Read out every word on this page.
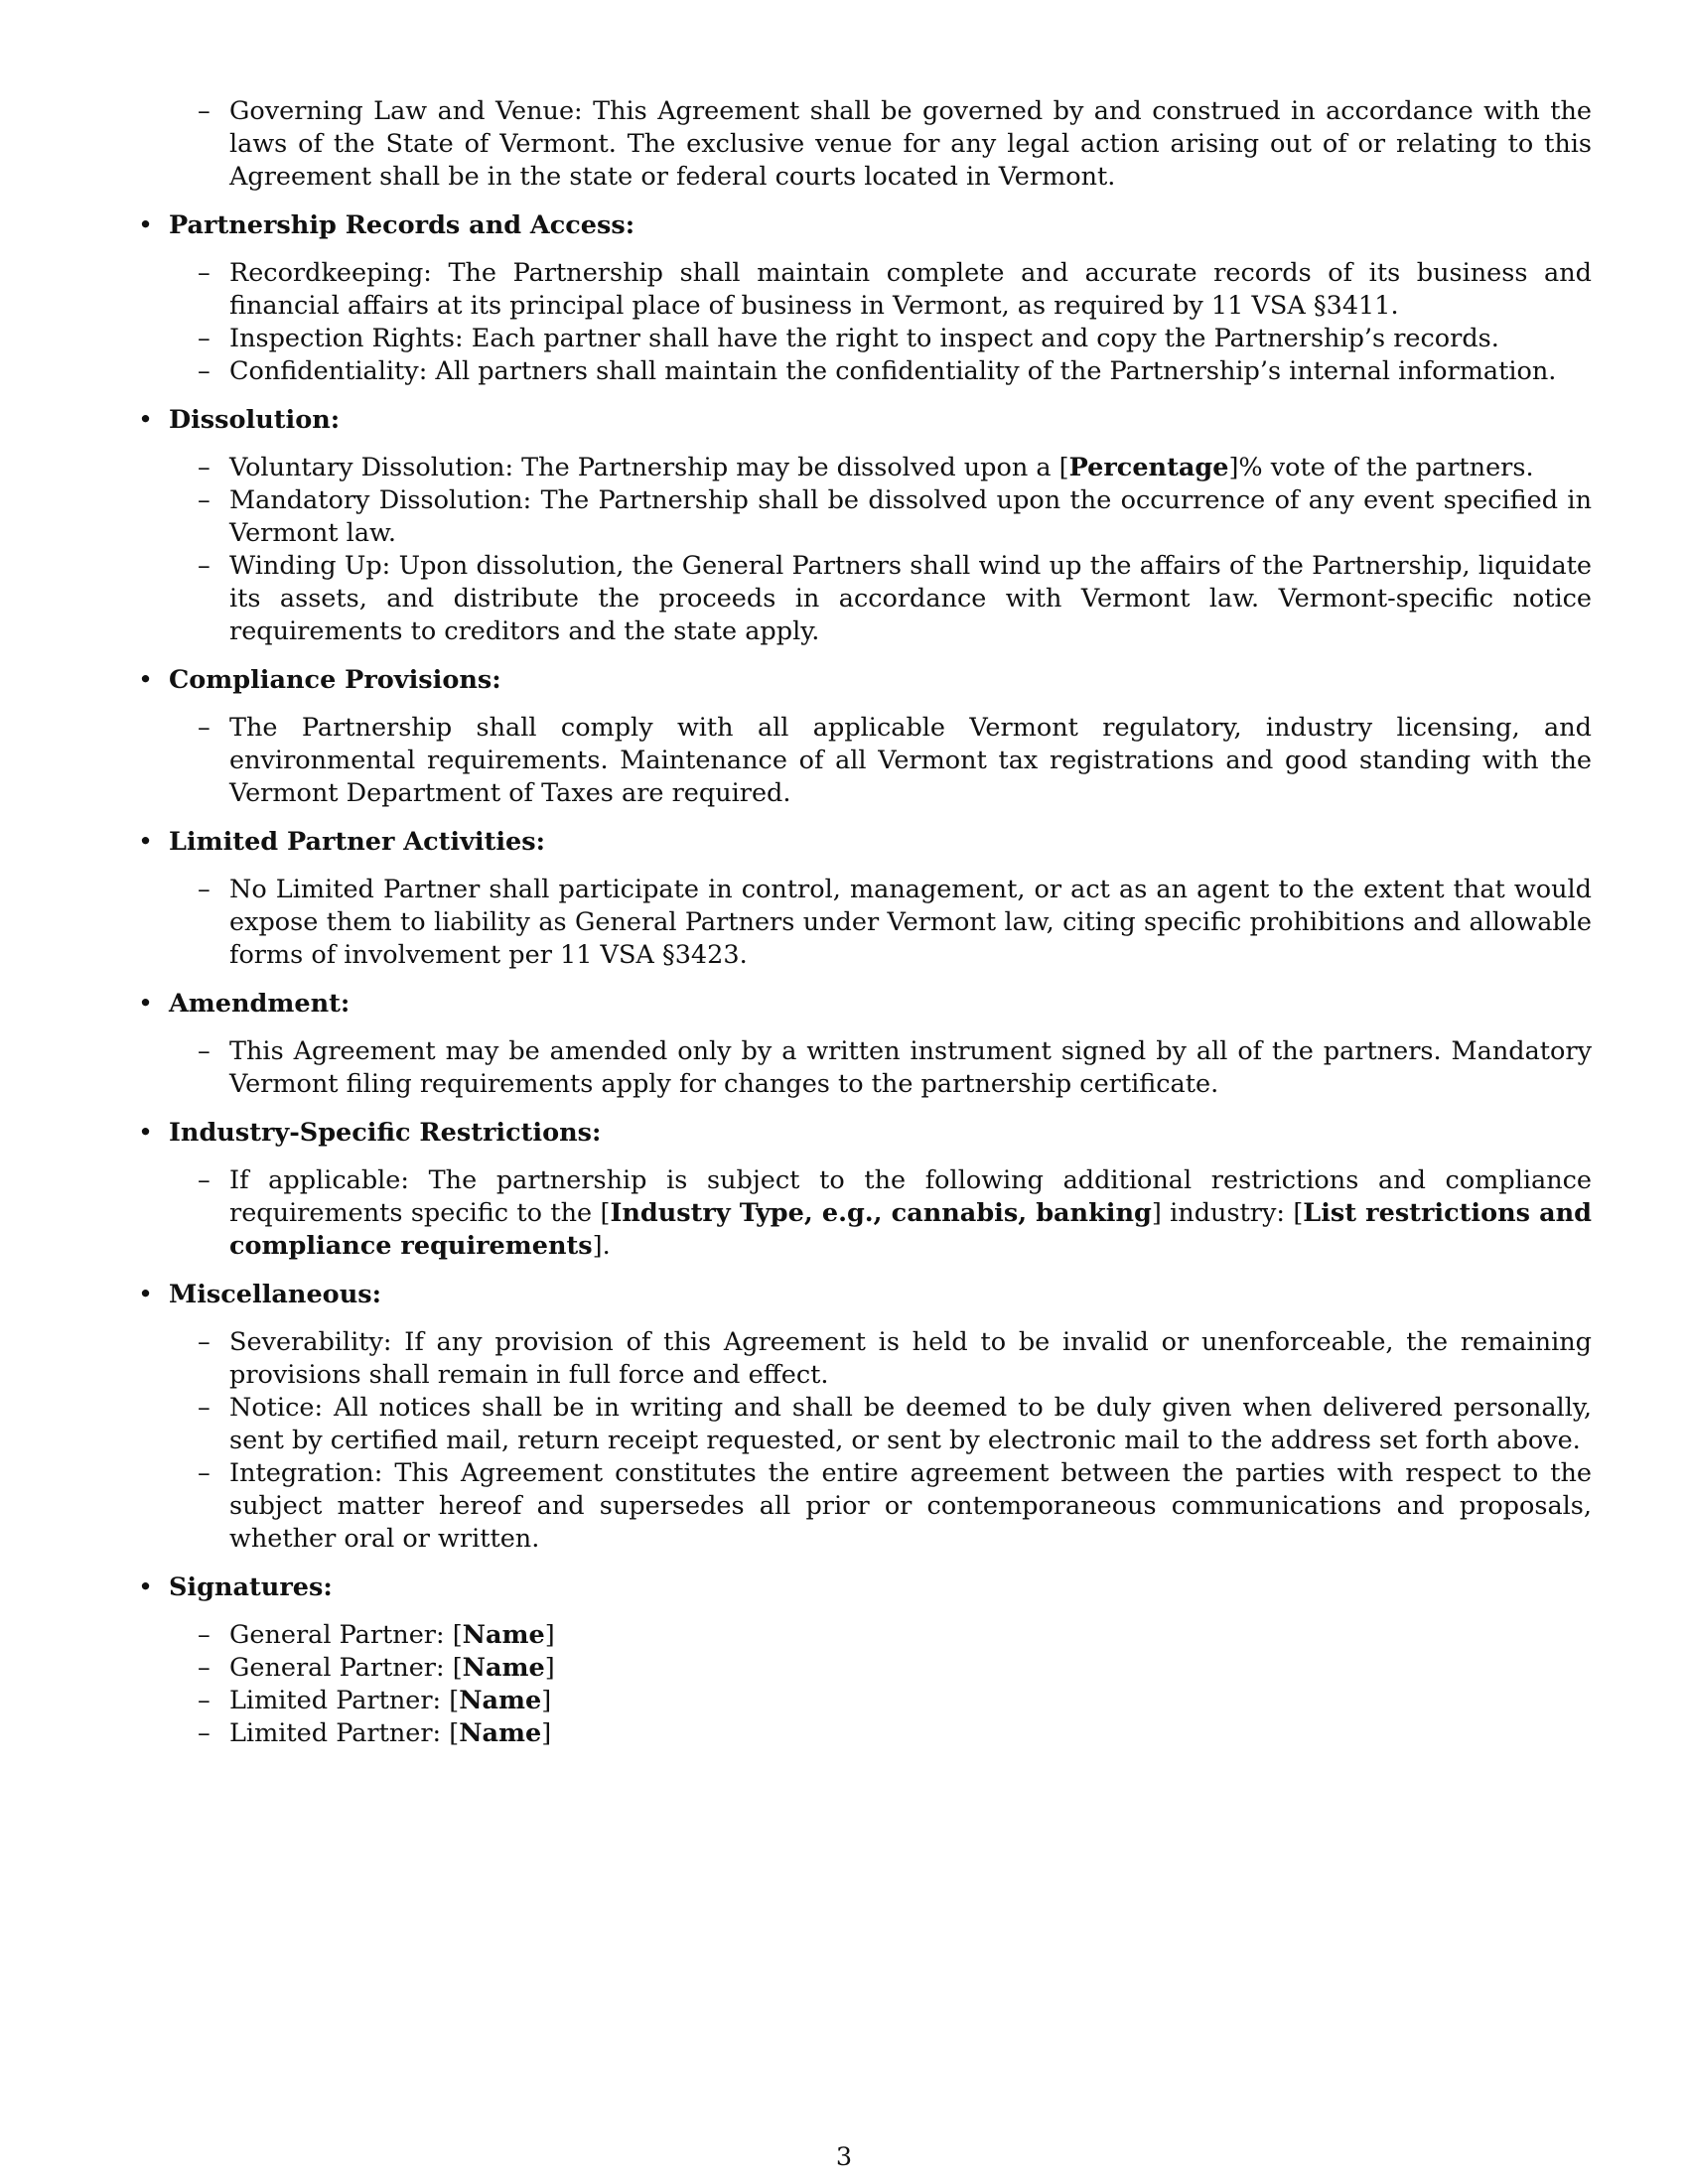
– Governing Law and Venue: This Agreement shall be governed by and construed in accordance with the laws of the State of Vermont. The exclusive venue for any legal action arising out of or relating to this Agreement shall be in the state or federal courts located in Vermont.
• Partnership Records and Access:
– Recordkeeping: The Partnership shall maintain complete and accurate records of its business and financial affairs at its principal place of business in Vermont, as required by 11 VSA §3411.
– Inspection Rights: Each partner shall have the right to inspect and copy the Partnership’s records.
– Confidentiality: All partners shall maintain the confidentiality of the Partnership’s internal information.
• Dissolution:
– Voluntary Dissolution: The Partnership may be dissolved upon a [Percentage]% vote of the partners.
– Mandatory Dissolution: The Partnership shall be dissolved upon the occurrence of any event specified in Vermont law.
– Winding Up: Upon dissolution, the General Partners shall wind up the affairs of the Partnership, liquidate its assets, and distribute the proceeds in accordance with Vermont law. Vermont-specific notice requirements to creditors and the state apply.
• Compliance Provisions:
– The Partnership shall comply with all applicable Vermont regulatory, industry licensing, and environmental requirements. Maintenance of all Vermont tax registrations and good standing with the Vermont Department of Taxes are required.
• Limited Partner Activities:
– No Limited Partner shall participate in control, management, or act as an agent to the extent that would expose them to liability as General Partners under Vermont law, citing specific prohibitions and allowable forms of involvement per 11 VSA §3423.
• Amendment:
– This Agreement may be amended only by a written instrument signed by all of the partners. Mandatory Vermont filing requirements apply for changes to the partnership certificate.
• Industry-Specific Restrictions:
– If applicable: The partnership is subject to the following additional restrictions and compliance requirements specific to the [Industry Type, e.g., cannabis, banking] industry: [List restrictions and compliance requirements].
• Miscellaneous:
– Severability: If any provision of this Agreement is held to be invalid or unenforceable, the remaining provisions shall remain in full force and effect.
– Notice: All notices shall be in writing and shall be deemed to be duly given when delivered personally, sent by certified mail, return receipt requested, or sent by electronic mail to the address set forth above.
– Integration: This Agreement constitutes the entire agreement between the parties with respect to the subject matter hereof and supersedes all prior or contemporaneous communications and proposals, whether oral or written.
• Signatures:
– General Partner: [Name]
– General Partner: [Name]
– Limited Partner: [Name]
– Limited Partner: [Name]
3
